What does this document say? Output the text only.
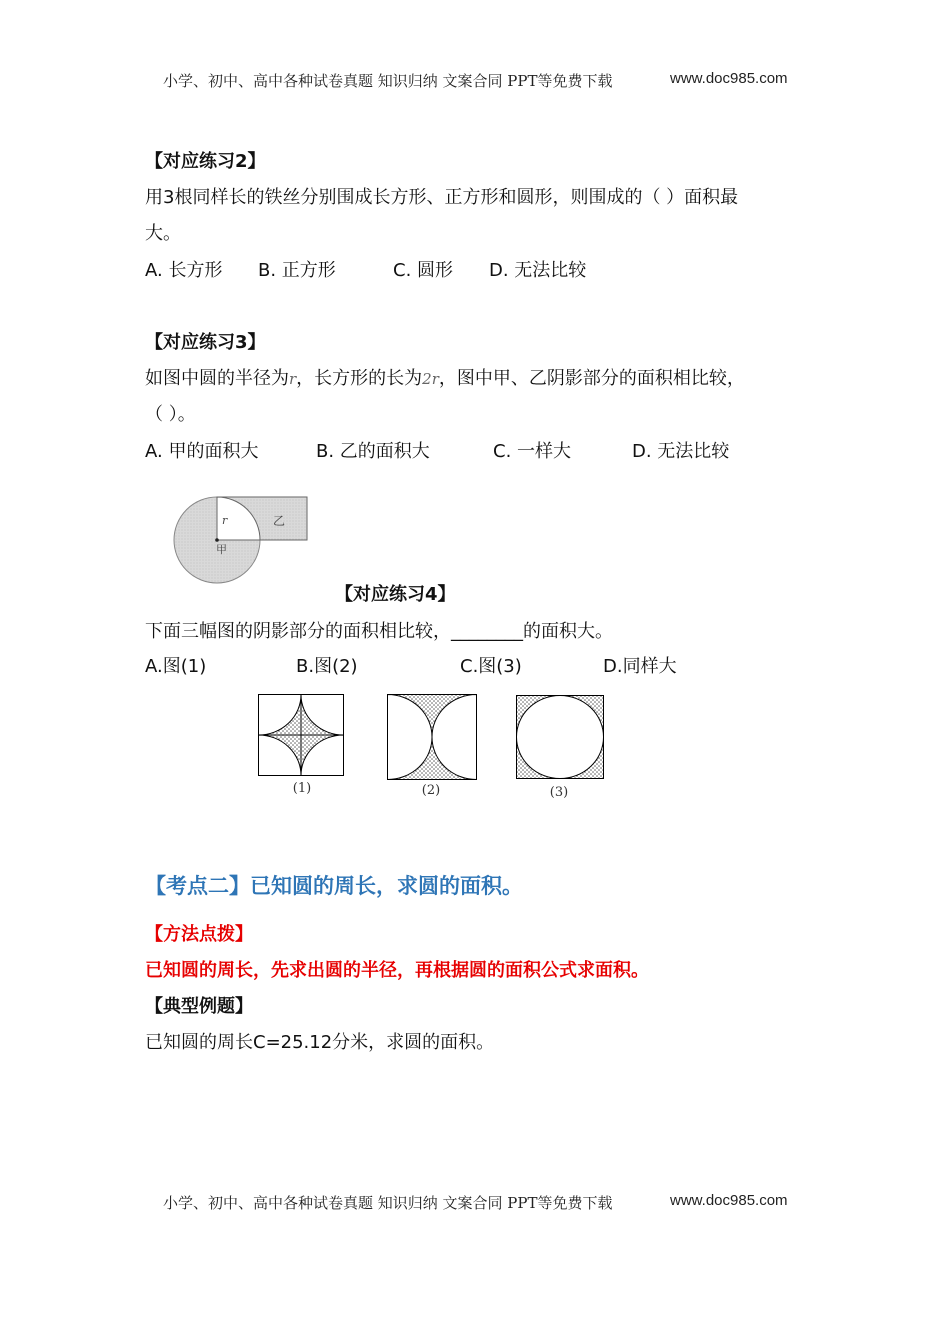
小学、初中、高中各种试卷真题 知识归纳 文案合同 PPT等免费下载	www.doc985.com
【对应练习2】
用3根同样长的铁丝分别围成长方形、正方形和圆形，则围成的（ ）面积最
大。
A. 长方形 B. 正方形	C. 圆形 D. 无法比较
【对应练习3】
如图中圆的半径为r，长方形的长为2r，图中甲、乙阴影部分的面积相比较，
（ ）。
A. 甲的面积大	B. 乙的面积大	C. 一样大	D. 无法比较
r
甲
乙
【对应练习4】
下面三幅图的阴影部分的面积相比较，________的面积大。
A.图(1)	B.图(2)	C.图(3)	D.同样大
(1)	(2)	(3)
【考点二】已知圆的周长，求圆的面积。
【方法点拨】
已知圆的周长，先求出圆的半径，再根据圆的面积公式求面积。
【典型例题】
已知圆的周长C=25.12分米，求圆的面积。
小学、初中、高中各种试卷真题 知识归纳 文案合同 PPT等免费下载	www.doc985.com
